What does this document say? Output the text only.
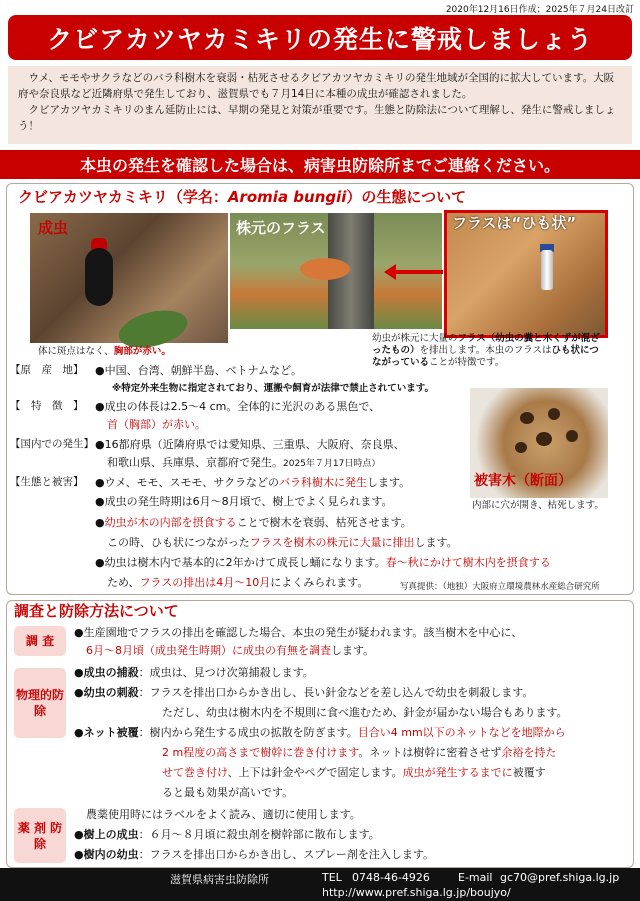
2020年12月16日作成；2025年７月24日改訂
クビアカツヤカミキリの発生に警戒しましょう

　ウメ、モモやサクラなどのバラ科樹木を衰弱・枯死させるクビアカツヤカミキリの発生地域が全国的に拡大しています。大阪府や奈良県など近隣府県で発生しており、滋賀県でも７月14日に本種の成虫が確認されました。

　クビアカツヤカミキリのまん延防止には、早期の発見と対策が重要です。生態と防除法について理解し、発生に警戒しましょう！

本虫の発生を確認した場合は、病害虫防除所までご連絡ください。
クビアカツヤカミキリ（学名：Aromia bungii）の生態について
成虫	株元のフラス	フラスは“ひも状”
体に斑点はなく、胸部が赤い。
幼虫が株元に大量のフラス（幼虫の糞と木くずが混ざったもの）を排出します。本虫のフラスはひも状につながっていることが特徴です。
被害木（断面）
内部に穴が開き、枯死します。
【原　産　地】 ●中国、台湾、朝鮮半島、ベトナムなど。
※特定外来生物に指定されており、運搬や飼育が法律で禁止されています。
【　特　徴　】 ●成虫の体長は2.5～4 cm。全体的に光沢のある黒色で、
首（胸部）が赤い。
【国内での発生】 ●16都府県（近隣府県では愛知県、三重県、大阪府、奈良県、
和歌山県、兵庫県、京都府で発生。2025年７月17日時点）
【生態と被害】 ●ウメ、モモ、スモモ、サクラなどのバラ科樹木に発生します。
●成虫の発生時期は6月～8月頃で、樹上でよく見られます。
●幼虫が木の内部を摂食することで樹木を衰弱、枯死させます。
この時、ひも状につながったフラスを樹木の株元に大量に排出します。
●幼虫は樹木内で基本的に2年かけて成長し蛹になります。春～秋にかけて樹木内を摂食する
ため、フラスの排出は4月～10月によくみられます。	写真提供：（地独）大阪府立環境農林水産総合研究所
調査と防除方法について
調 査
●生産園地でフラスの排出を確認した場合、本虫の発生が疑われます。該当樹木を中心に、
6月～8月頃（成虫発生時期）に成虫の有無を調査します。
物理的防除
●成虫の捕殺：成虫は、見つけ次第捕殺します。
●幼虫の刺殺：フラスを排出口からかき出し、長い針金などを差し込んで幼虫を刺殺します。
ただし、幼虫は樹木内を不規則に食べ進むため、針金が届かない場合もあります。
●ネット被覆：樹内から発生する成虫の拡散を防ぎます。目合い4 mm以下のネットなどを地際から
2 m程度の高さまで樹幹に巻き付けます。ネットは樹幹に密着させず余裕を持た
せて巻き付け、上下は針金やペグで固定します。成虫が発生するまでに被覆す
ると最も効果が高いです。
薬 剤 防 除
農薬使用時にはラベルをよく読み、適切に使用します。
●樹上の成虫：６月～８月頃に殺虫剤を樹幹部に散布します。
●樹内の幼虫：フラスを排出口からかき出し、スプレー剤を注入します。
滋賀県病害虫防除所	TEL 0748-46-4926	E-mail gc70@pref.shiga.lg.jp
http://www.pref.shiga.lg.jp/boujyo/
